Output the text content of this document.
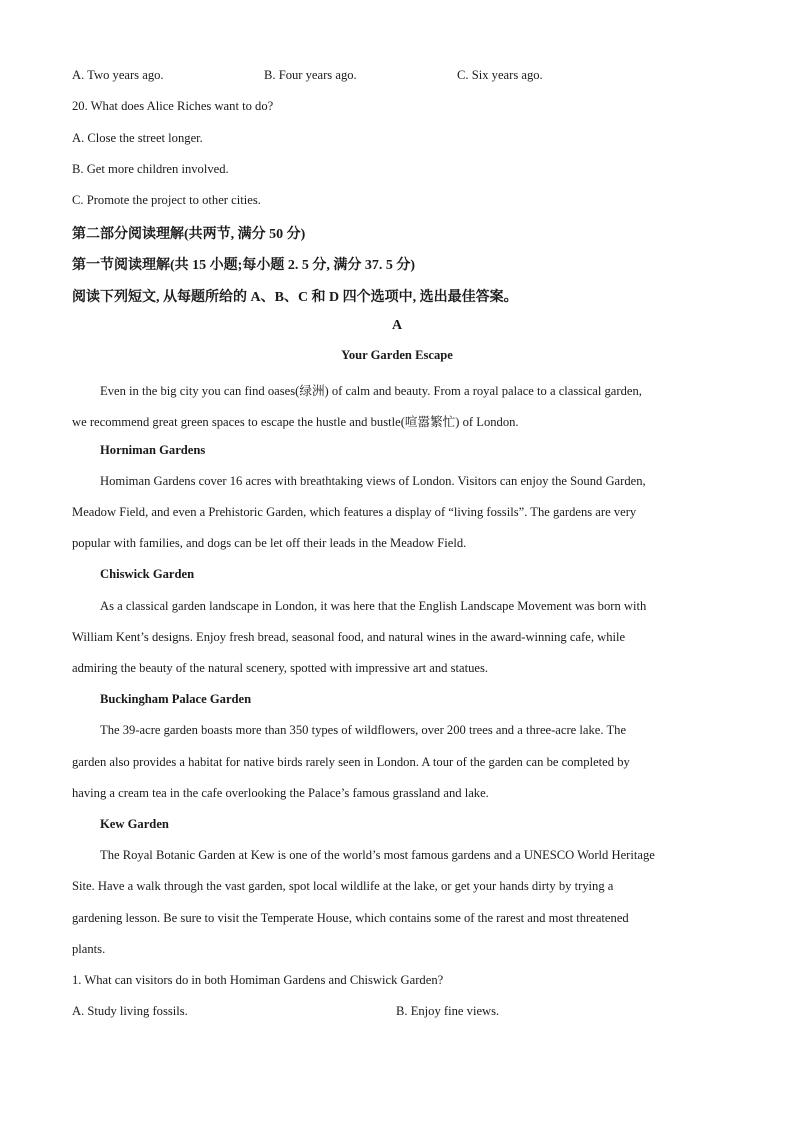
A. Two years ago.	B. Four years ago.	C. Six years ago.
20. What does Alice Riches want to do?
A. Close the street longer.
B. Get more children involved.
C. Promote the project to other cities.
第二部分阅读理解(共两节, 满分 50 分)
第一节阅读理解(共 15 小题;每小题 2. 5 分, 满分 37. 5 分)
阅读下列短文, 从每题所给的 A、B、C 和 D 四个选项中, 选出最佳答案。
A
Your Garden Escape
Even in the big city you can find oases(绿洲) of calm and beauty. From a royal palace to a classical garden,
we recommend great green spaces to escape the hustle and bustle(喧嚣繁忙) of London.
Horniman Gardens
Homiman Gardens cover 16 acres with breathtaking views of London. Visitors can enjoy the Sound Garden,
Meadow Field, and even a Prehistoric Garden, which features a display of “living fossils”. The gardens are very
popular with families, and dogs can be let off their leads in the Meadow Field.
Chiswick Garden
As a classical garden landscape in London, it was here that the English Landscape Movement was born with
William Kent’s designs. Enjoy fresh bread, seasonal food, and natural wines in the award-winning cafe, while
admiring the beauty of the natural scenery, spotted with impressive art and statues.
Buckingham Palace Garden
The 39-acre garden boasts more than 350 types of wildflowers, over 200 trees and a three-acre lake. The
garden also provides a habitat for native birds rarely seen in London. A tour of the garden can be completed by
having a cream tea in the cafe overlooking the Palace’s famous grassland and lake.
Kew Garden
The Royal Botanic Garden at Kew is one of the world’s most famous gardens and a UNESCO World Heritage
Site. Have a walk through the vast garden, spot local wildlife at the lake, or get your hands dirty by trying a
gardening lesson. Be sure to visit the Temperate House, which contains some of the rarest and most threatened
plants.
1. What can visitors do in both Homiman Gardens and Chiswick Garden?
A. Study living fossils.	B. Enjoy fine views.
